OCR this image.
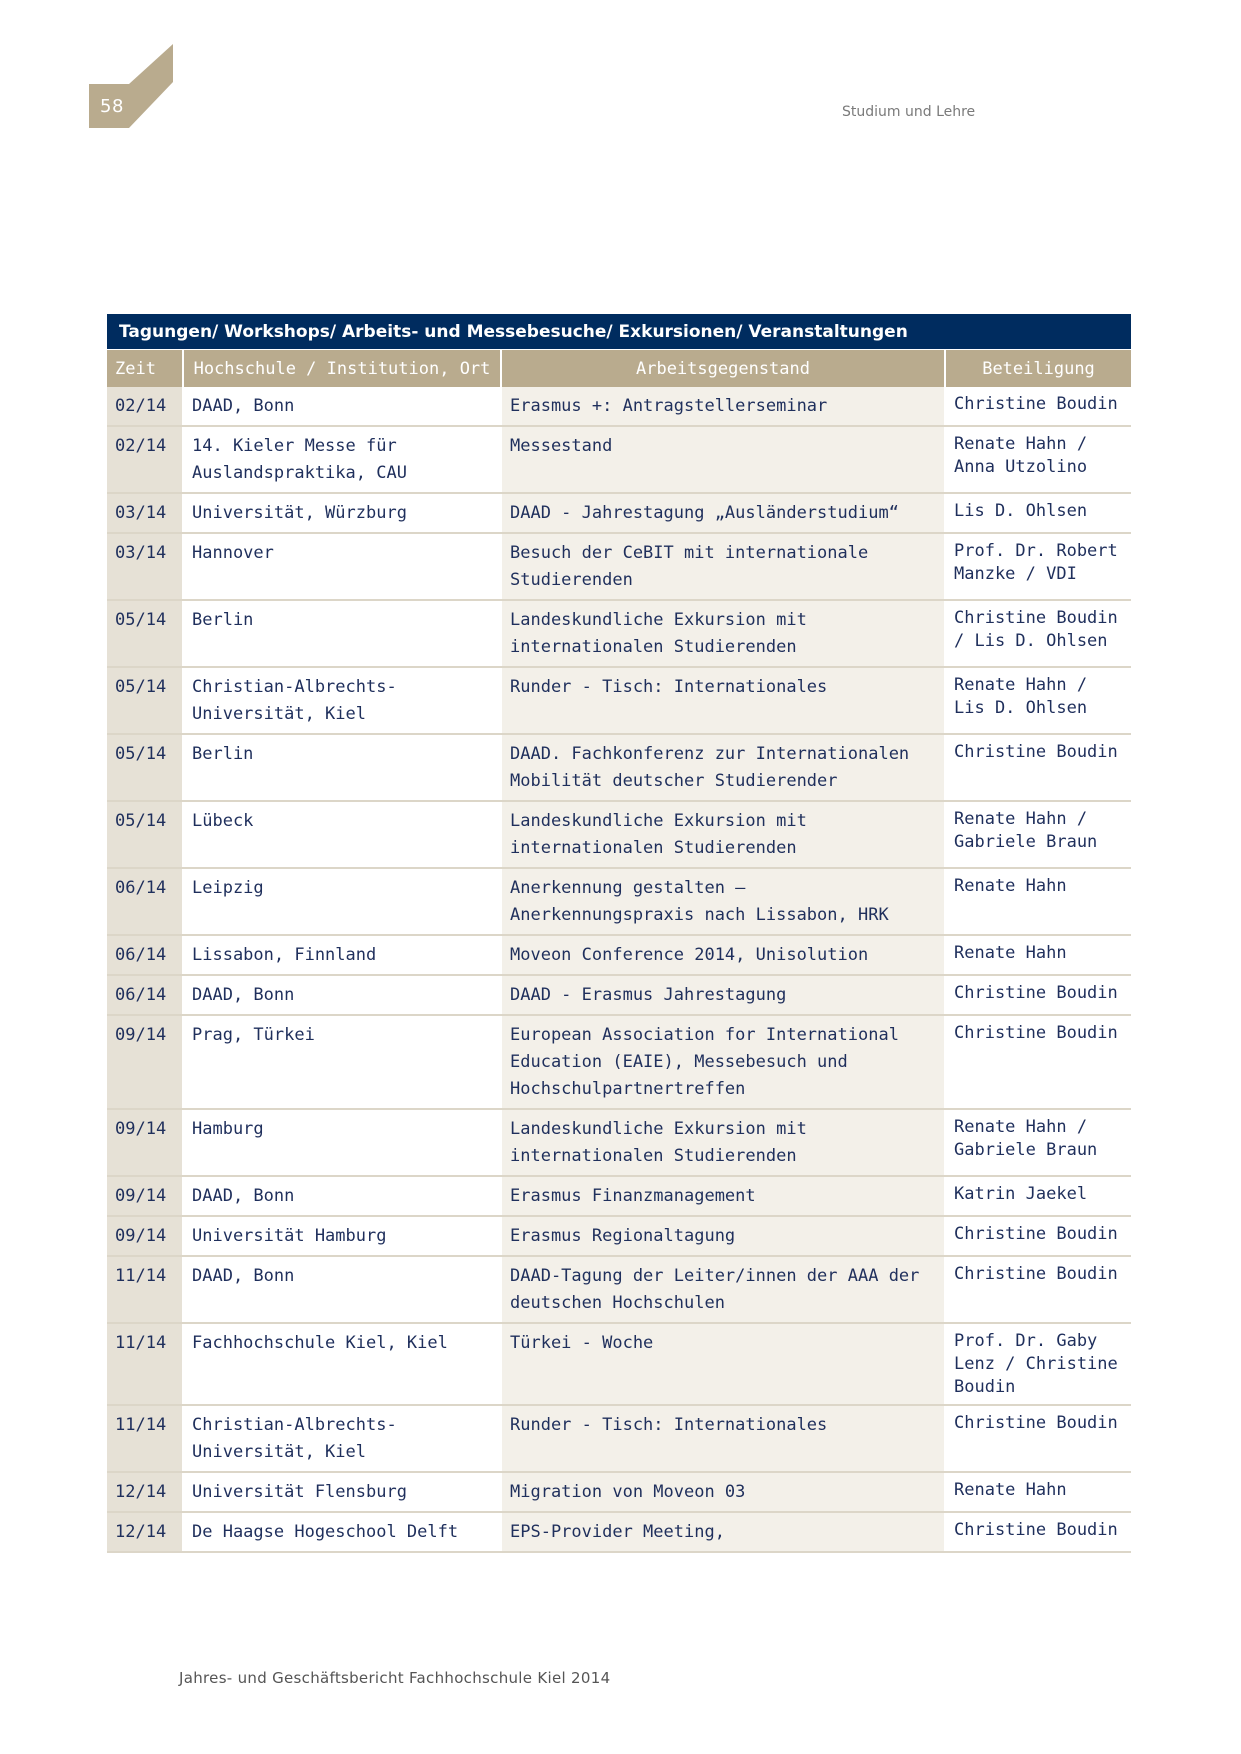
58	Studium und Lehre
Tagungen/ Workshops/ Arbeits- und Messebesuche/ Exkursionen/ Veranstaltungen			
Zeit	Hochschule / Institution, Ort	Arbeitsgegenstand	Beteiligung
02/14	DAAD, Bonn	Erasmus +: Antragstellerseminar	Christine Boudin
02/14	14. Kieler Messe für Auslandspraktika, CAU	Messestand	Renate Hahn / Anna Utzolino
03/14	Universität, Würzburg	DAAD - Jahrestagung „Ausländerstudium“	Lis D. Ohlsen
03/14	Hannover	Besuch der CeBIT mit internationale Studierenden	Prof. Dr. Robert Manzke / VDI
05/14	Berlin	Landeskundliche Exkursion mit internationalen Studierenden	Christine Boudin / Lis D. Ohlsen
05/14	Christian-Albrechts- Universität, Kiel	Runder - Tisch: Internationales	Renate Hahn / Lis D. Ohlsen
05/14	Berlin	DAAD. Fachkonferenz zur Internationalen Mobilität deutscher Studierender	Christine Boudin
05/14	Lübeck	Landeskundliche Exkursion mit internationalen Studierenden	Renate Hahn / Gabriele Braun
06/14	Leipzig	Anerkennung gestalten – Anerkennungspraxis nach Lissabon, HRK	Renate Hahn
06/14	Lissabon, Finnland	Moveon Conference 2014, Unisolution	Renate Hahn
06/14	DAAD, Bonn	DAAD - Erasmus Jahrestagung	Christine Boudin
09/14	Prag, Türkei	European Association for International Education (EAIE), Messebesuch und Hochschulpartnertreffen	Christine Boudin
09/14	Hamburg	Landeskundliche Exkursion mit internationalen Studierenden	Renate Hahn / Gabriele Braun
09/14	DAAD, Bonn	Erasmus Finanzmanagement	Katrin Jaekel
09/14	Universität Hamburg	Erasmus Regionaltagung	Christine Boudin
11/14	DAAD, Bonn	DAAD-Tagung der Leiter/innen der AAA der deutschen Hochschulen	Christine Boudin
11/14	Fachhochschule Kiel, Kiel	Türkei - Woche	Prof. Dr. Gaby Lenz / Christine Boudin
11/14	Christian-Albrechts- Universität, Kiel	Runder - Tisch: Internationales	Christine Boudin
12/14	Universität Flensburg	Migration von Moveon 03	Renate Hahn
12/14	De Haagse Hogeschool Delft	EPS-Provider Meeting,	Christine Boudin
Jahres- und Geschäftsbericht Fachhochschule Kiel 2014
